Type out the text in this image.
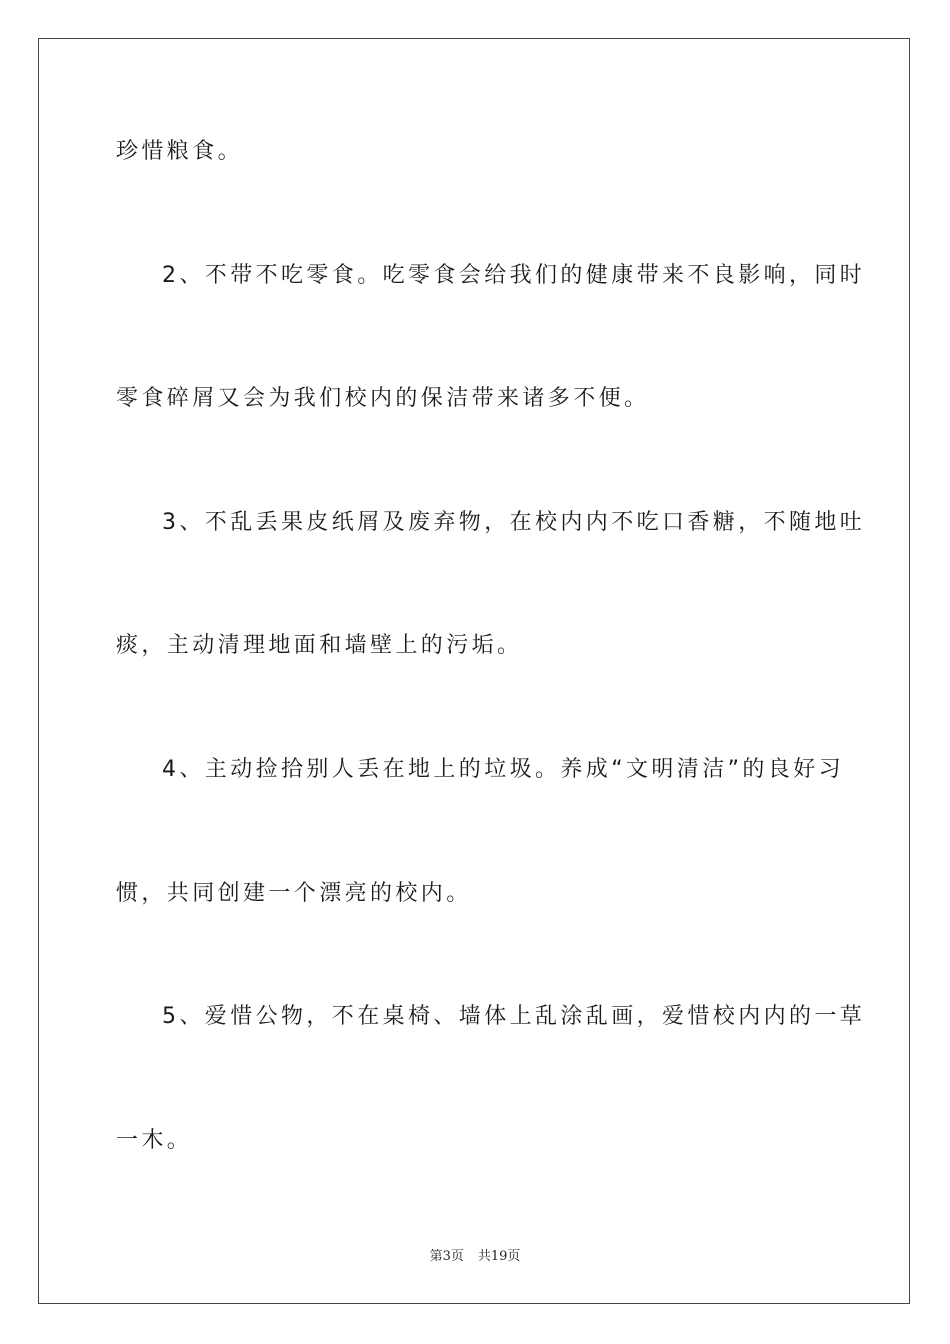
珍惜粮食。
2、不带不吃零食。吃零食会给我们的健康带来不良影响，同时
零食碎屑又会为我们校内的保洁带来诸多不便。
3、不乱丢果皮纸屑及废弃物，在校内内不吃口香糖，不随地吐
痰，主动清理地面和墙壁上的污垢。
4、主动捡拾别人丢在地上的垃圾。养成“文明清洁”的良好习
惯，共同创建一个漂亮的校内。
5、爱惜公物，不在桌椅、墙体上乱涂乱画，爱惜校内内的一草
一木。
第3页 共19页
